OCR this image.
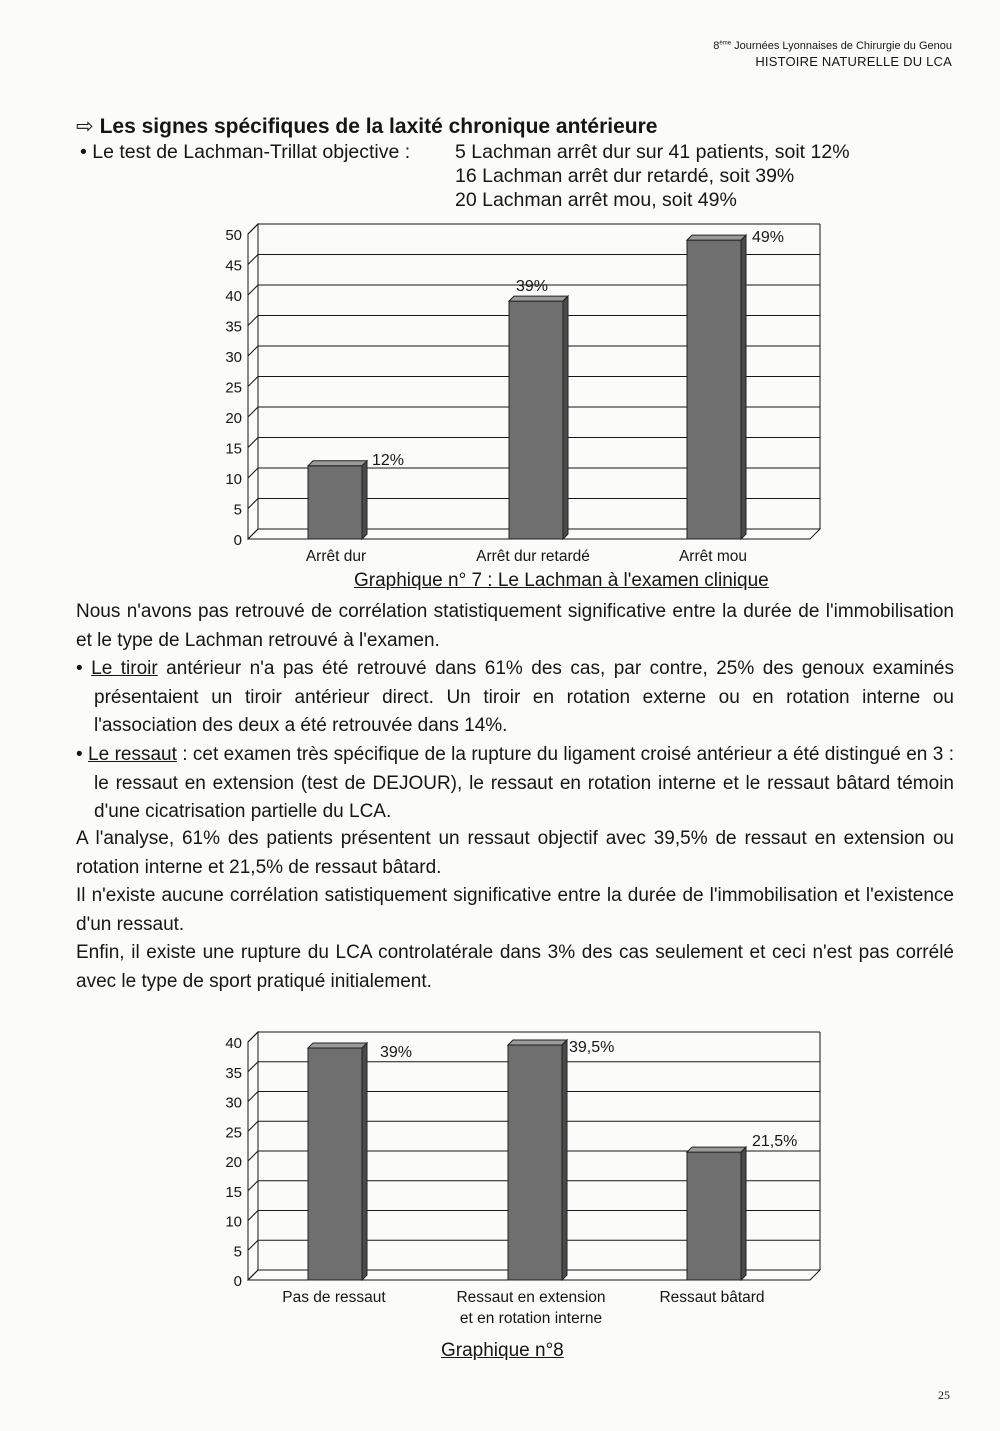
8ème Journées Lyonnaises de Chirurgie du Genou
HISTOIRE NATURELLE DU LCA
⇨ Les signes spécifiques de la laxité chronique antérieure
• Le test de Lachman-Trillat objective : 5 Lachman arrêt dur sur 41 patients, soit 12%
16 Lachman arrêt dur retardé, soit 39%
20 Lachman arrêt mou, soit 49%
0
5
10
15
20
25
30
35
40
45
50
12%
Arrêt dur
39%
Arrêt dur retardé
49%
Arrêt mou
Graphique n° 7 : Le Lachman à l'examen clinique
Nous n'avons pas retrouvé de corrélation statistiquement significative entre la durée de l'immobilisation et le type de Lachman retrouvé à l'examen.
• Le tiroir antérieur n'a pas été retrouvé dans 61% des cas, par contre, 25% des genoux examinés présentaient un tiroir antérieur direct. Un tiroir en rotation externe ou en rotation interne ou l'association des deux a été retrouvée dans 14%.
• Le ressaut : cet examen très spécifique de la rupture du ligament croisé antérieur a été distingué en 3 : le ressaut en extension (test de DEJOUR), le ressaut en rotation interne et le ressaut bâtard témoin d'une cicatrisation partielle du LCA.
A l'analyse, 61% des patients présentent un ressaut objectif avec 39,5% de ressaut en extension ou rotation interne et 21,5% de ressaut bâtard.
Il n'existe aucune corrélation satistiquement significative entre la durée de l'immobilisation et l'existence d'un ressaut.
Enfin, il existe une rupture du LCA controlatérale dans 3% des cas seulement et ceci n'est pas corrélé avec le type de sport pratiqué initialement.
0
5
10
15
20
25
30
35
40
39%
Pas de ressaut
39,5%
Ressaut en extension
et en rotation interne
21,5%
Ressaut bâtard
Graphique n°8
25
